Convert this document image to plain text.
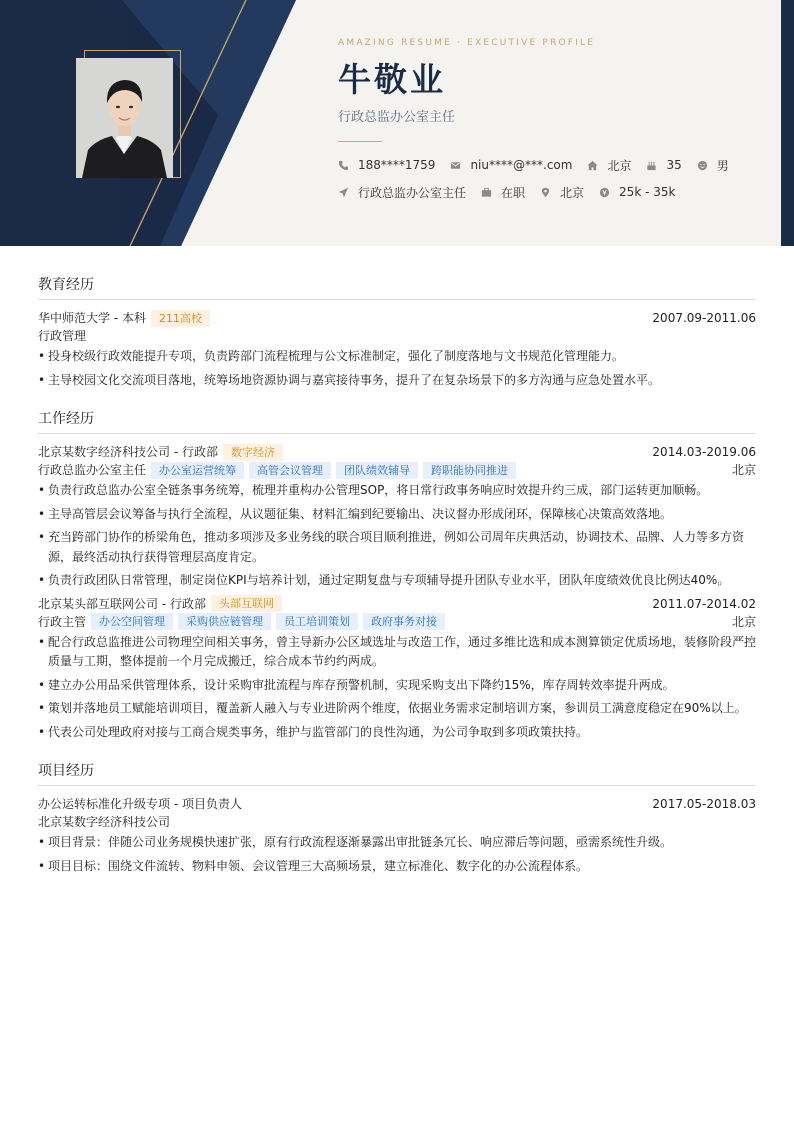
AMAZING RESUME · EXECUTIVE PROFILE
牛敬业
行政总监办公室主任
188****1759	niu****@***.com	北京	35	男
行政总监办公室主任	在职	北京	25k - 35k
教育经历
华中师范大学 - 本科	211高校	2007.09-2011.06
行政管理
• 投身校级行政效能提升专项，负责跨部门流程梳理与公文标准制定，强化了制度落地与文书规范化管理能力。
• 主导校园文化交流项目落地，统筹场地资源协调与嘉宾接待事务，提升了在复杂场景下的多方沟通与应急处置水平。
工作经历
北京某数字经济科技公司 - 行政部	数字经济	2014.03-2019.06
行政总监办公室主任	办公室运营统筹	高管会议管理	团队绩效辅导	跨职能协同推进	北京
• 负责行政总监办公室全链条事务统筹，梳理并重构办公管理SOP，将日常行政事务响应时效提升约三成，部门运转更加顺畅。
• 主导高管层会议筹备与执行全流程，从议题征集、材料汇编到纪要输出、决议督办形成闭环，保障核心决策高效落地。
• 充当跨部门协作的桥梁角色，推动多项涉及多业务线的联合项目顺利推进，例如公司周年庆典活动，协调技术、品牌、人力等多方资源，最终活动执行获得管理层高度肯定。
• 负责行政团队日常管理，制定岗位KPI与培养计划，通过定期复盘与专项辅导提升团队专业水平，团队年度绩效优良比例达40%。
北京某头部互联网公司 - 行政部	头部互联网	2011.07-2014.02
行政主管	办公空间管理	采购供应链管理	员工培训策划	政府事务对接	北京
• 配合行政总监推进公司物理空间相关事务，曾主导新办公区域选址与改造工作，通过多维比选和成本测算锁定优质场地，装修阶段严控质量与工期，整体提前一个月完成搬迁，综合成本节约约两成。
• 建立办公用品采供管理体系，设计采购审批流程与库存预警机制，实现采购支出下降约15%，库存周转效率提升两成。
• 策划并落地员工赋能培训项目，覆盖新人融入与专业进阶两个维度，依据业务需求定制培训方案，参训员工满意度稳定在90%以上。
• 代表公司处理政府对接与工商合规类事务，维护与监管部门的良性沟通，为公司争取到多项政策扶持。
项目经历
办公运转标准化升级专项 - 项目负责人	2017.05-2018.03
北京某数字经济科技公司
• 项目背景：伴随公司业务规模快速扩张，原有行政流程逐渐暴露出审批链条冗长、响应滞后等问题，亟需系统性升级。
• 项目目标：围绕文件流转、物料申领、会议管理三大高频场景，建立标准化、数字化的办公流程体系。
